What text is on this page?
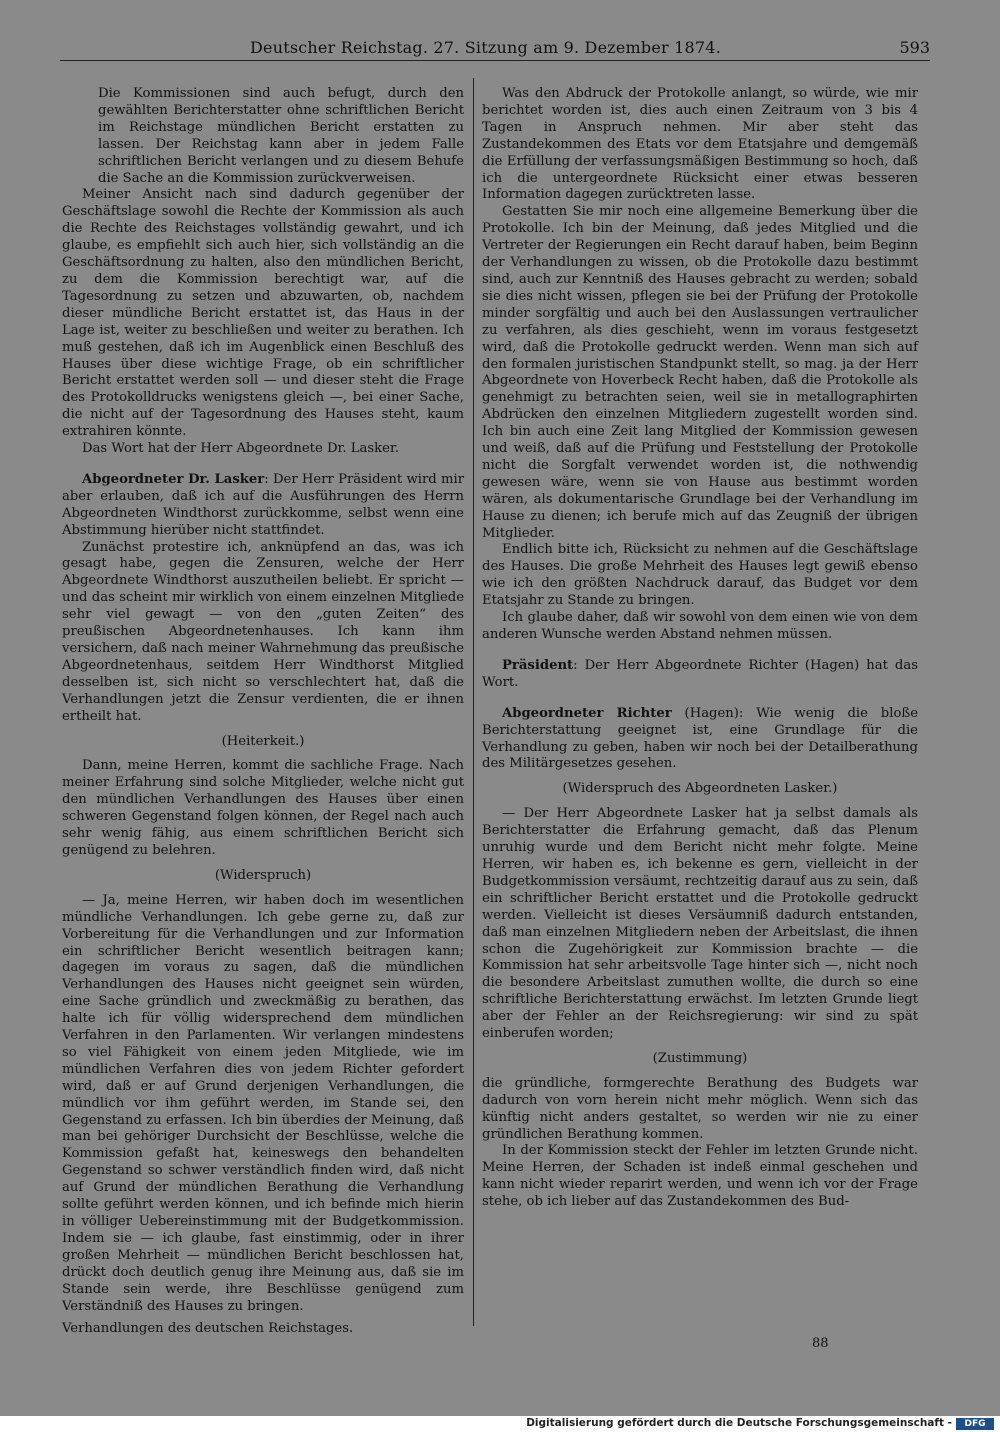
Deutscher Reichstag. 27. Sitzung am 9. Dezember 1874.	593

Die Kommissionen sind auch befugt, durch den gewählten Berichterstatter ohne schriftlichen Bericht im Reichstage mündlichen Bericht erstatten zu lassen. Der Reichstag kann aber in jedem Falle schriftlichen Bericht verlangen und zu diesem Behufe die Sache an die Kommission zurückverweisen.

Meiner Ansicht nach sind dadurch gegenüber der Geschäftslage sowohl die Rechte der Kommission als auch die Rechte des Reichstages vollständig gewahrt, und ich glaube, es empfiehlt sich auch hier, sich vollständig an die Geschäftsordnung zu halten, also den mündlichen Bericht, zu dem die Kommission berechtigt war, auf die Tagesordnung zu setzen und abzuwarten, ob, nachdem dieser mündliche Bericht erstattet ist, das Haus in der Lage ist, weiter zu beschließen und weiter zu berathen. Ich muß gestehen, daß ich im Augenblick einen Beschluß des Hauses über diese wichtige Frage, ob ein schriftlicher Bericht erstattet werden soll — und dieser steht die Frage des Protokolldrucks wenigstens gleich —, bei einer Sache, die nicht auf der Tagesordnung des Hauses steht, kaum extrahiren könnte.

Das Wort hat der Herr Abgeordnete Dr. Lasker.

Abgeordneter Dr. Lasker: Der Herr Präsident wird mir aber erlauben, daß ich auf die Ausführungen des Herrn Abgeordneten Windthorst zurückkomme, selbst wenn eine Abstimmung hierüber nicht stattfindet.

Zunächst protestire ich, anknüpfend an das, was ich gesagt habe, gegen die Zensuren, welche der Herr Abgeordnete Windthorst auszutheilen beliebt. Er spricht — und das scheint mir wirklich von einem einzelnen Mitgliede sehr viel gewagt — von den „guten Zeiten“ des preußischen Abgeordnetenhauses. Ich kann ihm versichern, daß nach meiner Wahrnehmung das preußische Abgeordnetenhaus, seitdem Herr Windthorst Mitglied desselben ist, sich nicht so verschlechtert hat, daß die Verhandlungen jetzt die Zensur verdienten, die er ihnen ertheilt hat.

(Heiterkeit.)

Dann, meine Herren, kommt die sachliche Frage. Nach meiner Erfahrung sind solche Mitglieder, welche nicht gut den mündlichen Verhandlungen des Hauses über einen schweren Gegenstand folgen können, der Regel nach auch sehr wenig fähig, aus einem schriftlichen Bericht sich genügend zu belehren.

(Widerspruch)

— Ja, meine Herren, wir haben doch im wesentlichen mündliche Verhandlungen. Ich gebe gerne zu, daß zur Vorbereitung für die Verhandlungen und zur Information ein schriftlicher Bericht wesentlich beitragen kann; dagegen im voraus zu sagen, daß die mündlichen Verhandlungen des Hauses nicht geeignet sein würden, eine Sache gründlich und zweckmäßig zu berathen, das halte ich für völlig widersprechend dem mündlichen Verfahren in den Parlamenten. Wir verlangen mindestens so viel Fähigkeit von einem jeden Mitgliede, wie im mündlichen Verfahren dies von jedem Richter gefordert wird, daß er auf Grund derjenigen Verhandlungen, die mündlich vor ihm geführt werden, im Stande sei, den Gegenstand zu erfassen. Ich bin überdies der Meinung, daß man bei gehöriger Durchsicht der Beschlüsse, welche die Kommission gefaßt hat, keineswegs den behandelten Gegenstand so schwer verständlich finden wird, daß nicht auf Grund der mündlichen Berathung die Verhandlung sollte geführt werden können, und ich befinde mich hierin in völliger Uebereinstimmung mit der Budgetkommission. Indem sie — ich glaube, fast einstimmig, oder in ihrer großen Mehrheit — mündlichen Bericht beschlossen hat, drückt doch deutlich genug ihre Meinung aus, daß sie im Stande sein werde, ihre Beschlüsse genügend zum Verständniß des Hauses zu bringen.

Verhandlungen des deutschen Reichstages.

Was den Abdruck der Protokolle anlangt, so würde, wie mir berichtet worden ist, dies auch einen Zeitraum von 3 bis 4 Tagen in Anspruch nehmen. Mir aber steht das Zustandekommen des Etats vor dem Etatsjahre und demgemäß die Erfüllung der verfassungsmäßigen Bestimmung so hoch, daß ich die untergeordnete Rücksicht einer etwas besseren Information dagegen zurücktreten lasse.

Gestatten Sie mir noch eine allgemeine Bemerkung über die Protokolle. Ich bin der Meinung, daß jedes Mitglied und die Vertreter der Regierungen ein Recht darauf haben, beim Beginn der Verhandlungen zu wissen, ob die Protokolle dazu bestimmt sind, auch zur Kenntniß des Hauses gebracht zu werden; sobald sie dies nicht wissen, pflegen sie bei der Prüfung der Protokolle minder sorgfältig und auch bei den Auslassungen vertraulicher zu verfahren, als dies geschieht, wenn im voraus festgesetzt wird, daß die Protokolle gedruckt werden. Wenn man sich auf den formalen juristischen Standpunkt stellt, so mag. ja der Herr Abgeordnete von Hoverbeck Recht haben, daß die Protokolle als genehmigt zu betrachten seien, weil sie in metallographirten Abdrücken den einzelnen Mitgliedern zugestellt worden sind. Ich bin auch eine Zeit lang Mitglied der Kommission gewesen und weiß, daß auf die Prüfung und Feststellung der Protokolle nicht die Sorgfalt verwendet worden ist, die nothwendig gewesen wäre, wenn sie von Hause aus bestimmt worden wären, als dokumentarische Grundlage bei der Verhandlung im Hause zu dienen; ich berufe mich auf das Zeugniß der übrigen Mitglieder.

Endlich bitte ich, Rücksicht zu nehmen auf die Geschäftslage des Hauses. Die große Mehrheit des Hauses legt gewiß ebenso wie ich den größten Nachdruck darauf, das Budget vor dem Etatsjahr zu Stande zu bringen.

Ich glaube daher, daß wir sowohl von dem einen wie von dem anderen Wunsche werden Abstand nehmen müssen.

Präsident: Der Herr Abgeordnete Richter (Hagen) hat das Wort.

Abgeordneter Richter (Hagen): Wie wenig die bloße Berichterstattung geeignet ist, eine Grundlage für die Verhandlung zu geben, haben wir noch bei der Detailberathung des Militärgesetzes gesehen.

(Widerspruch des Abgeordneten Lasker.)

— Der Herr Abgeordnete Lasker hat ja selbst damals als Berichterstatter die Erfahrung gemacht, daß das Plenum unruhig wurde und dem Bericht nicht mehr folgte. Meine Herren, wir haben es, ich bekenne es gern, vielleicht in der Budgetkommission versäumt, rechtzeitig darauf aus zu sein, daß ein schriftlicher Bericht erstattet und die Protokolle gedruckt werden. Vielleicht ist dieses Versäumniß dadurch entstanden, daß man einzelnen Mitgliedern neben der Arbeitslast, die ihnen schon die Zugehörigkeit zur Kommission brachte — die Kommission hat sehr arbeitsvolle Tage hinter sich —, nicht noch die besondere Arbeitslast zumuthen wollte, die durch so eine schriftliche Berichterstattung erwächst. Im letzten Grunde liegt aber der Fehler an der Reichsregierung: wir sind zu spät einberufen worden;

(Zustimmung)

die gründliche, formgerechte Berathung des Budgets war dadurch von vorn herein nicht mehr möglich. Wenn sich das künftig nicht anders gestaltet, so werden wir nie zu einer gründlichen Berathung kommen.

In der Kommission steckt der Fehler im letzten Grunde nicht. Meine Herren, der Schaden ist indeß einmal geschehen und kann nicht wieder reparirt werden, und wenn ich vor der Frage stehe, ob ich lieber auf das Zustandekommen des Bud-

88
Digitalisierung gefördert durch die Deutsche Forschungsgemeinschaft -	DFG
